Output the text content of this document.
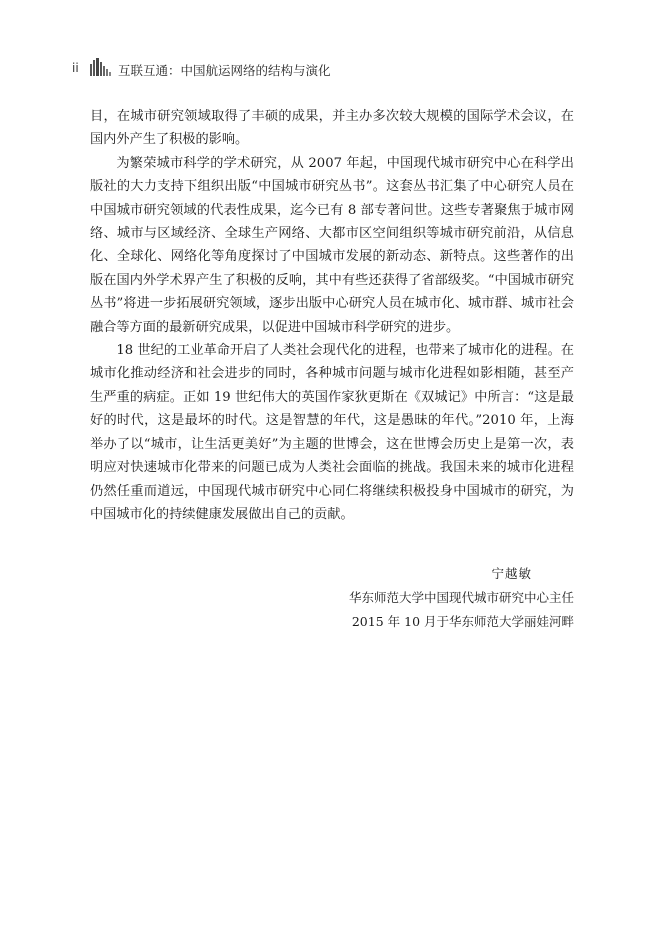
ii	互联互通：中国航运网络的结构与演化

目，在城市研究领域取得了丰硕的成果，并主办多次较大规模的国际学术会议，在国内外产生了积极的影响。

为繁荣城市科学的学术研究，从 2007 年起，中国现代城市研究中心在科学出版社的大力支持下组织出版“中国城市研究丛书”。这套丛书汇集了中心研究人员在中国城市研究领域的代表性成果，迄今已有 8 部专著问世。这些专著聚焦于城市网络、城市与区域经济、全球生产网络、大都市区空间组织等城市研究前沿，从信息化、全球化、网络化等角度探讨了中国城市发展的新动态、新特点。这些著作的出版在国内外学术界产生了积极的反响，其中有些还获得了省部级奖。“中国城市研究丛书”将进一步拓展研究领域，逐步出版中心研究人员在城市化、城市群、城市社会融合等方面的最新研究成果，以促进中国城市科学研究的进步。

18 世纪的工业革命开启了人类社会现代化的进程，也带来了城市化的进程。在城市化推动经济和社会进步的同时，各种城市问题与城市化进程如影相随，甚至产生严重的病症。正如 19 世纪伟大的英国作家狄更斯在《双城记》中所言：“这是最好的时代，这是最坏的时代。这是智慧的年代，这是愚昧的年代。”2010 年，上海举办了以“城市，让生活更美好”为主题的世博会，这在世博会历史上是第一次，表明应对快速城市化带来的问题已成为人类社会面临的挑战。我国未来的城市化进程仍然任重而道远，中国现代城市研究中心同仁将继续积极投身中国城市的研究，为中国城市化的持续健康发展做出自己的贡献。

宁越敏
华东师范大学中国现代城市研究中心主任
2015 年 10 月于华东师范大学丽娃河畔
